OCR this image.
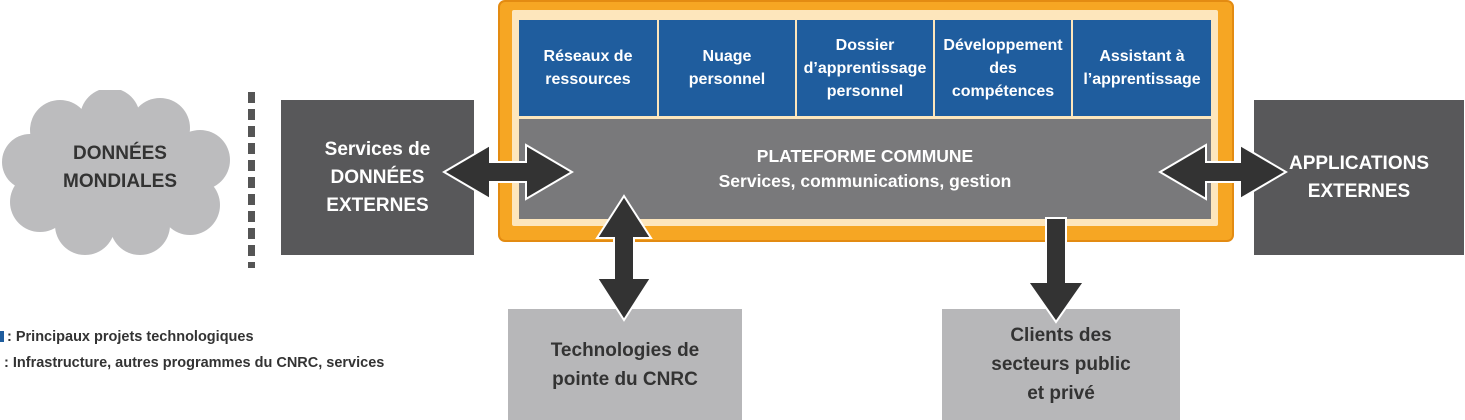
DONNÉES
MONDIALES
Services de
DONNÉES
EXTERNES
APPLICATIONS
EXTERNES
Réseaux de
ressources
Nuage
personnel
Dossier
d’apprentissage
personnel
Développement
des
compétences
Assistant à
l’apprentissage
PLATEFORME COMMUNE
Services, communications, gestion
Technologies de
pointe du CNRC
Clients des
secteurs public
et privé
: Principaux projets technologiques
: Infrastructure, autres programmes du CNRC, services
